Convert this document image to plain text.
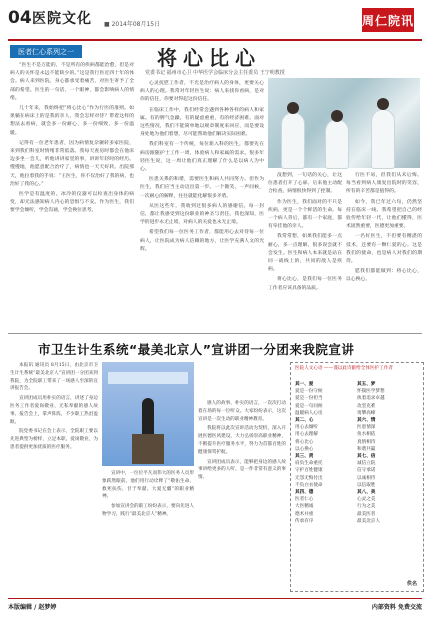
04 医院文化 ■ 2014年08月15日	周仁院讯
医者仁心系列之一	将心比心
党委书记 福州市心卫 中华医学会临床分会主任委员 王宁明教授

“医生不是万能的，不是所有的疾病都能治愈，但是对病人的关怀是永远不能缺少的。”这是我行医近四十年的体会。病人来到医院，身心都承受着痛苦，对医生寄予了全部的希望。医生的一句话、一个眼神，都会影响病人的情绪。

几十年来，我始终把“将心比心”作为行医的准则。如果躺在病床上的是我的亲人，我会怎样对待？带着这样的想法去看病，就会多一份耐心，多一份细致，多一份温暖。

记得有一位老年患者，因为病情复杂辗转多家医院，来到我们科室时情绪非常低落。我每天查房时都会在他床边多坐一会儿，听他讲讲家里的事，讲讲年轻时的经历。慢慢地，他愿意配合治疗了，病情也一天天好转。出院那天，他拉着我的手说：“王医生，你不仅治好了我的病，也治好了我的心。”

医学是有温度的。冰冷的仪器可以检查出身体的病变，却无法感知病人内心的恐惧与不安。作为医生，我们要学会倾听，学会沟通，学会换位思考。

心灵抚慰工作者，不光是治疗病人的身体，更要关心病人的心理。我常对年轻医生说：病人来找你看病，是对你的信任，你要对得起这份信任。

在临床工作中，我们经常会遇到各种各样的病人和家属。有的脾气急躁，有的疑虑重重，有的经济困难。面对这些情况，我们不能简单地以规章制度来回应，而是要设身处地为他们着想，尽可能帮助他们解决实际困难。

我们科室有一个传统，每位新入科的医生，都要先在病房跟随护士工作一周，体验病人和家属的需求。很多年轻医生说，这一周让他们真正理解了什么是以病人为中心。

医患关系的和谐，需要医生和病人共同努力。但作为医生，我们应当主动迈出第一步。一个微笑，一声问候，一次耐心的解释，往往就能化解很多矛盾。

从医这些年，我收到过很多病人的感谢信。每一封信，都让我感受到这份职业的神圣与责任。我也深知，医学的进步永无止境，对病人的关爱也永无止境。

希望我们每一位医务工作者，都能用心去对待每一位病人，让医院成为病人信赖的地方，让医学充满人文的光辉。

没想到，一句话的关心，让这位患者打开了心扉。后来他主动配合检查，病情很快得到了控制。

作为医生，我们面对的不只是疾病，更是一个个鲜活的生命。每一个病人背后，都有一个家庭，都有牵挂他的亲人。

我常常想，如果我们能多一点耐心，多一点理解，很多误会就不会发生。医生和病人本来就是站在同一战线上的，共同的敌人是疾病。

将心比心，是我们每一位医务工作者应该具备的品质。

行医不易，但我们从未后悔。每当看到病人康复出院时的笑容，所有的辛苦都是值得的。

如今，我已年过六旬，仍然坚持在临床一线。我希望把自己的经验传给年轻一代，让他们懂得，医术固然重要，医德更加重要。

一名好医生，不但要有精湛的技术，还要有一颗仁爱的心。这是我们的使命，也是病人对我们的期待。

愿我们都能做到：将心比心，以心换心。

市卫生计生系统“最美北京人”宣讲团一分团来我院宣讲

本报讯 通讯员 8月15日，由北京市卫生计生系统“最美北京人”宣讲团一分团来到我院，为全院职工带来了一场感人至深的宣讲报告会。

宣讲团成员用朴实的语言，讲述了身边医务工作者爱岗敬业、无私奉献的感人故事。报告会上，掌声阵阵，不少职工热泪盈眶。

院党委书记在会上表示，全院职工要以先进典型为榜样，立足本职，爱岗敬业，为患者提供更加优质的医疗服务。

宣讲中，一位位平凡而伟大的医务人员形象跃然眼前。他们用行动诠释了“敬佑生命、救死扶伤、甘于奉献、大爱无疆”的职业精神。

参加宣讲会的职工纷纷表示，要向先进人物学习，践行“最美北京人”精神。

感人的故事、朴实的语言，一次次打动着在场的每一位听众。大家纷纷表示，这次宣讲是一次生动的职业精神教育。

我院将以此次宣讲活动为契机，深入开展医德医风建设，大力弘扬崇高职业精神，不断提升医疗服务水平，努力为首都百姓的健康保驾护航。

宣讲团成员表示，能够把身边的感人故事讲给更多的人听，是一件非常有意义的事情。

医院人文心语 ——谨以此诗献给全体医护工作者
其一、爱
爱是一份守候
爱是一份担当
爱是一句问候
温暖病人心房
其二、心
用心去倾听
用心去理解
将心比心
以心换心
其三、责
肩负生命重托
守护百姓健康
无怨无悔付出
不负白衣使命
其四、德
医者仁心
大医精诚
德术并重
传承有序
其五、梦
怀揣医学梦想
执着追求卓越
攻坚克难
勇攀高峰
其六、情
医患情深
鱼水相依
真情相待
和谐共赢
其七、信
诚信立院
信守承诺
以诚相待
以信取胜
其八、美
心灵之美
行为之美
最美医者
最美北京人
佚名
本版编辑 / 赵梦婷	内部资料 免费交流
